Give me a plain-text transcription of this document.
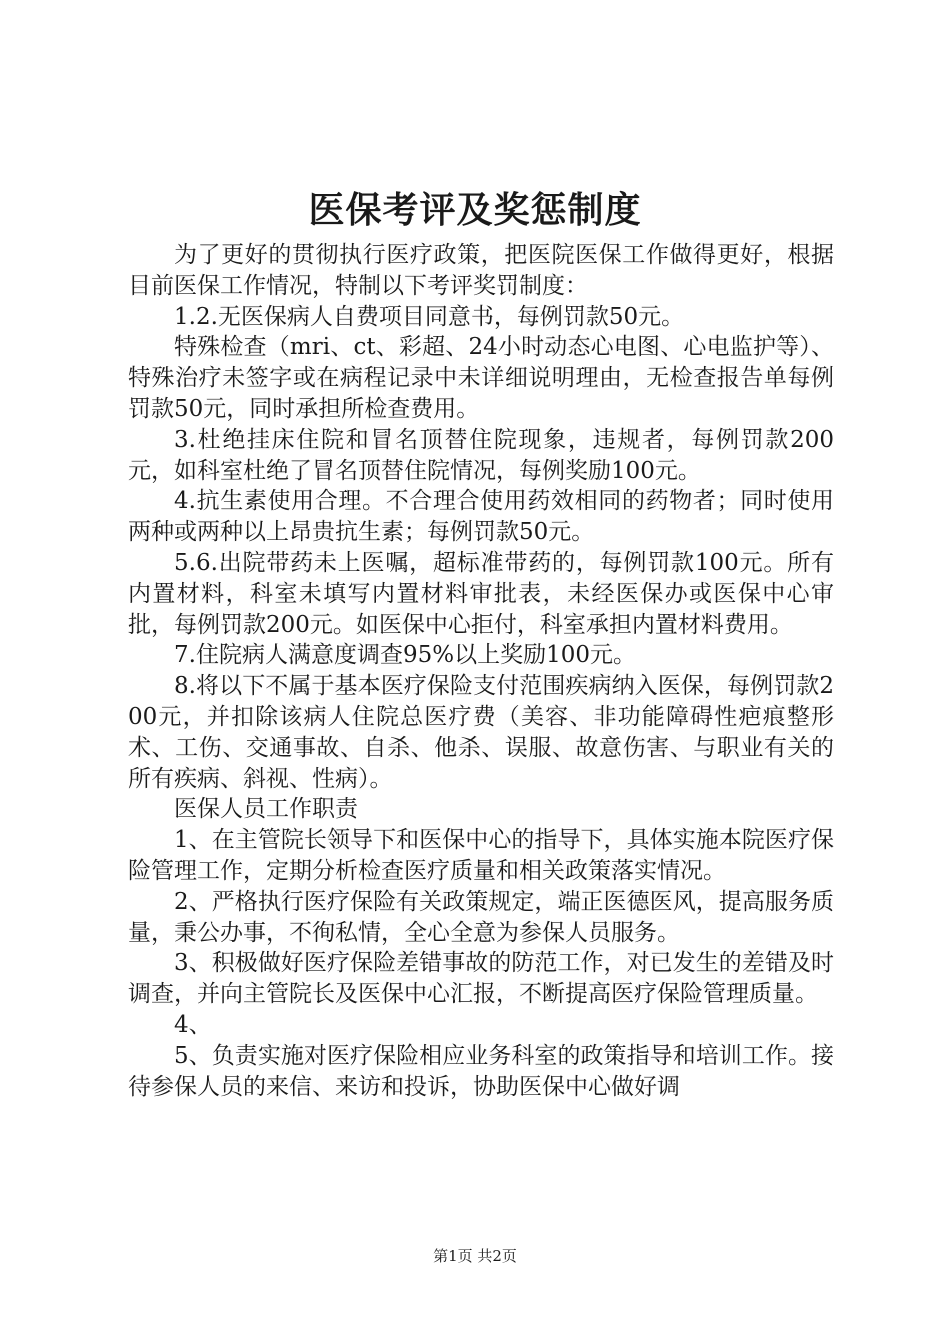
医保考评及奖惩制度

为了更好的贯彻执行医疗政策，把医院医保工作做得更好，根据目前医保工作情况，特制以下考评奖罚制度：

1.2.无医保病人自费项目同意书，每例罚款50元。

特殊检查（mri、ct、彩超、24小时动态心电图、心电监护等）、特殊治疗未签字或在病程记录中未详细说明理由，无检查报告单每例罚款50元，同时承担所检查费用。

3.杜绝挂床住院和冒名顶替住院现象，违规者，每例罚款200元，如科室杜绝了冒名顶替住院情况，每例奖励100元。

4.抗生素使用合理。不合理合使用药效相同的药物者；同时使用两种或两种以上昂贵抗生素；每例罚款50元。

5.6.出院带药未上医嘱，超标准带药的，每例罚款100元。所有内置材料，科室未填写内置材料审批表，未经医保办或医保中心审批，每例罚款200元。如医保中心拒付，科室承担内置材料费用。

7.住院病人满意度调查95%以上奖励100元。

8.将以下不属于基本医疗保险支付范围疾病纳入医保，每例罚款200元，并扣除该病人住院总医疗费（美容、非功能障碍性疤痕整形术、工伤、交通事故、自杀、他杀、误服、故意伤害、与职业有关的所有疾病、斜视、性病）。

医保人员工作职责

1、在主管院长领导下和医保中心的指导下，具体实施本院医疗保险管理工作，定期分析检查医疗质量和相关政策落实情况。

2、严格执行医疗保险有关政策规定，端正医德医风，提高服务质量，秉公办事，不徇私情，全心全意为参保人员服务。

3、积极做好医疗保险差错事故的防范工作，对已发生的差错及时调查，并向主管院长及医保中心汇报，不断提高医疗保险管理质量。

4、

5、负责实施对医疗保险相应业务科室的政策指导和培训工作。接待参保人员的来信、来访和投诉，协助医保中心做好调

第1页 共2页
